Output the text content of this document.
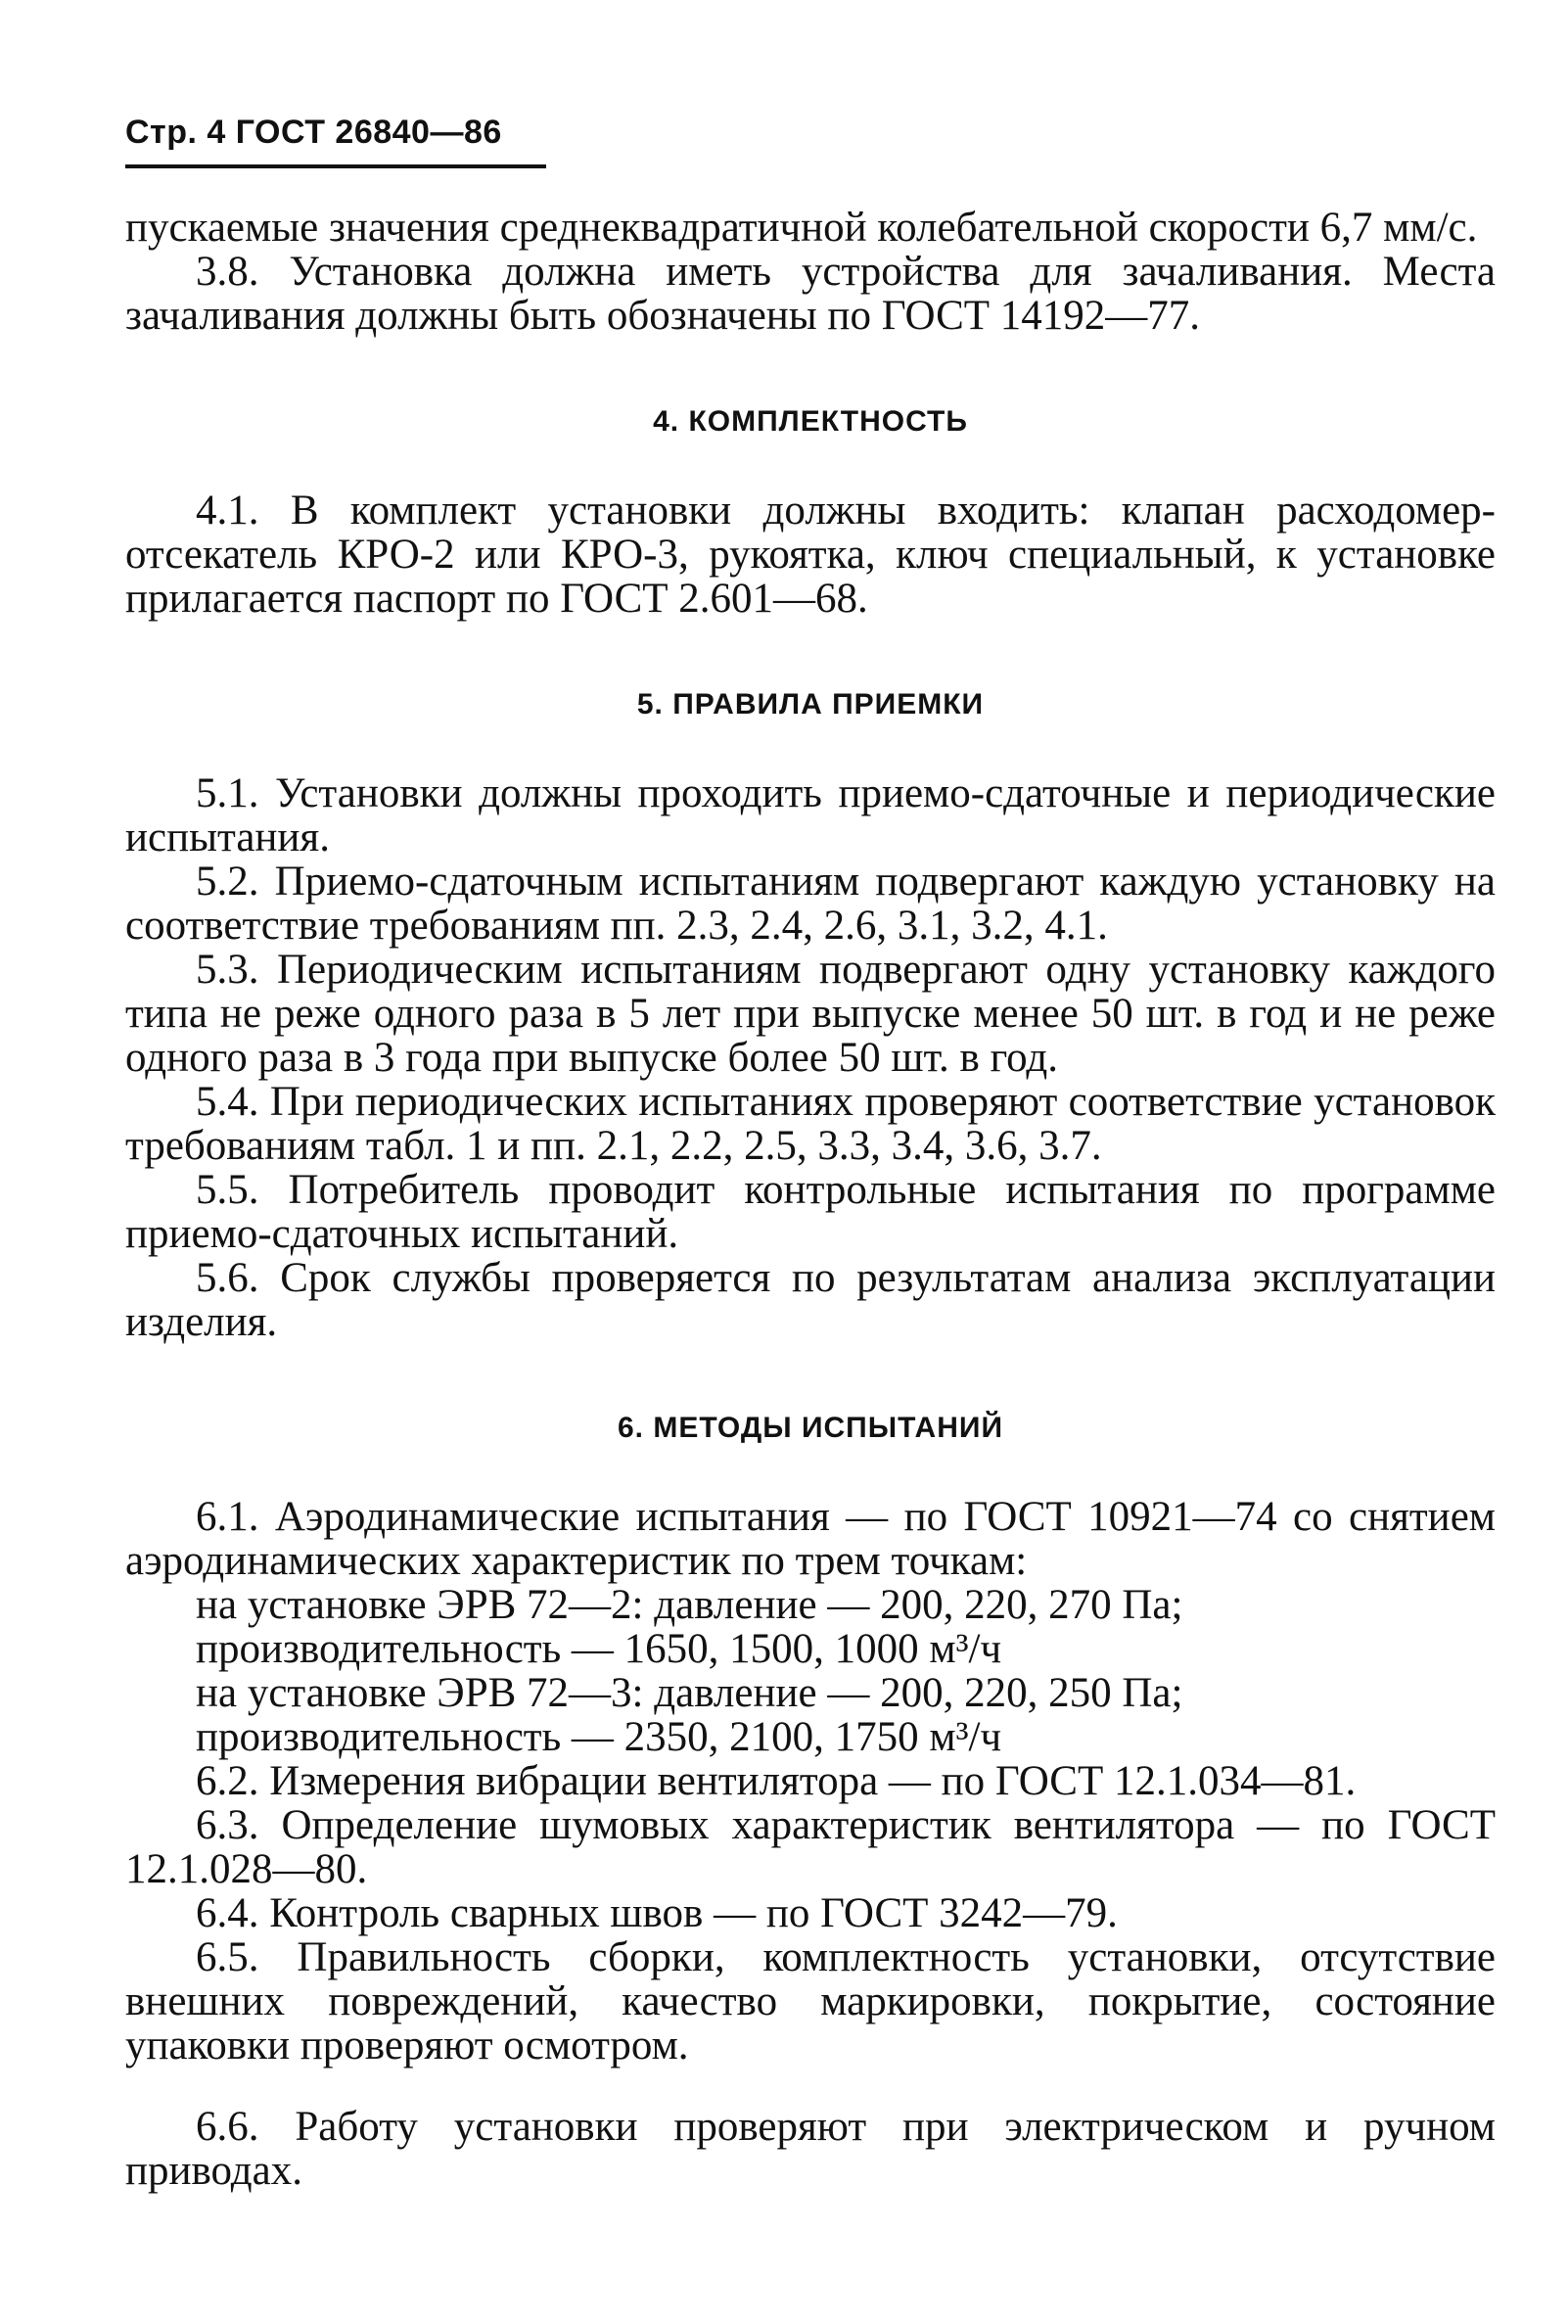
Стр. 4 ГОСТ 26840—86

пускаемые значения среднеквадратичной колебательной скорости 6,7 мм/с.

3.8. Установка должна иметь устройства для зачаливания. Места зачаливания должны быть обозначены по ГОСТ 14192—77.

4. КОМПЛЕКТНОСТЬ

4.1. В комплект установки должны входить: клапан расходомер-отсекатель КРО-2 или КРО-3, рукоятка, ключ специальный, к установке прилагается паспорт по ГОСТ 2.601—68.

5. ПРАВИЛА ПРИЕМКИ

5.1. Установки должны проходить приемо-сдаточные и периодические испытания.

5.2. Приемо-сдаточным испытаниям подвергают каждую установку на соответствие требованиям пп. 2.3, 2.4, 2.6, 3.1, 3.2, 4.1.

5.3. Периодическим испытаниям подвергают одну установку каждого типа не реже одного раза в 5 лет при выпуске менее 50 шт. в год и не реже одного раза в 3 года при выпуске более 50 шт. в год.

5.4. При периодических испытаниях проверяют соответствие установок требованиям табл. 1 и пп. 2.1, 2.2, 2.5, 3.3, 3.4, 3.6, 3.7.

5.5. Потребитель проводит контрольные испытания по программе приемо-сдаточных испытаний.

5.6. Срок службы проверяется по результатам анализа эксплуатации изделия.

6. МЕТОДЫ ИСПЫТАНИЙ

6.1. Аэродинамические испытания — по ГОСТ 10921—74 со снятием аэродинамических характеристик по трем точкам:

на установке ЭРВ 72—2: давление — 200, 220, 270 Па;

производительность — 1650, 1500, 1000 м³/ч

на установке ЭРВ 72—3: давление — 200, 220, 250 Па;

производительность — 2350, 2100, 1750 м³/ч

6.2. Измерения вибрации вентилятора — по ГОСТ 12.1.034—81.

6.3. Определение шумовых характеристик вентилятора — по ГОСТ 12.1.028—80.

6.4. Контроль сварных швов — по ГОСТ 3242—79.

6.5. Правильность сборки, комплектность установки, отсутствие внешних повреждений, качество маркировки, покрытие, состояние упаковки проверяют осмотром.

6.6. Работу установки проверяют при электрическом и ручном приводах.
